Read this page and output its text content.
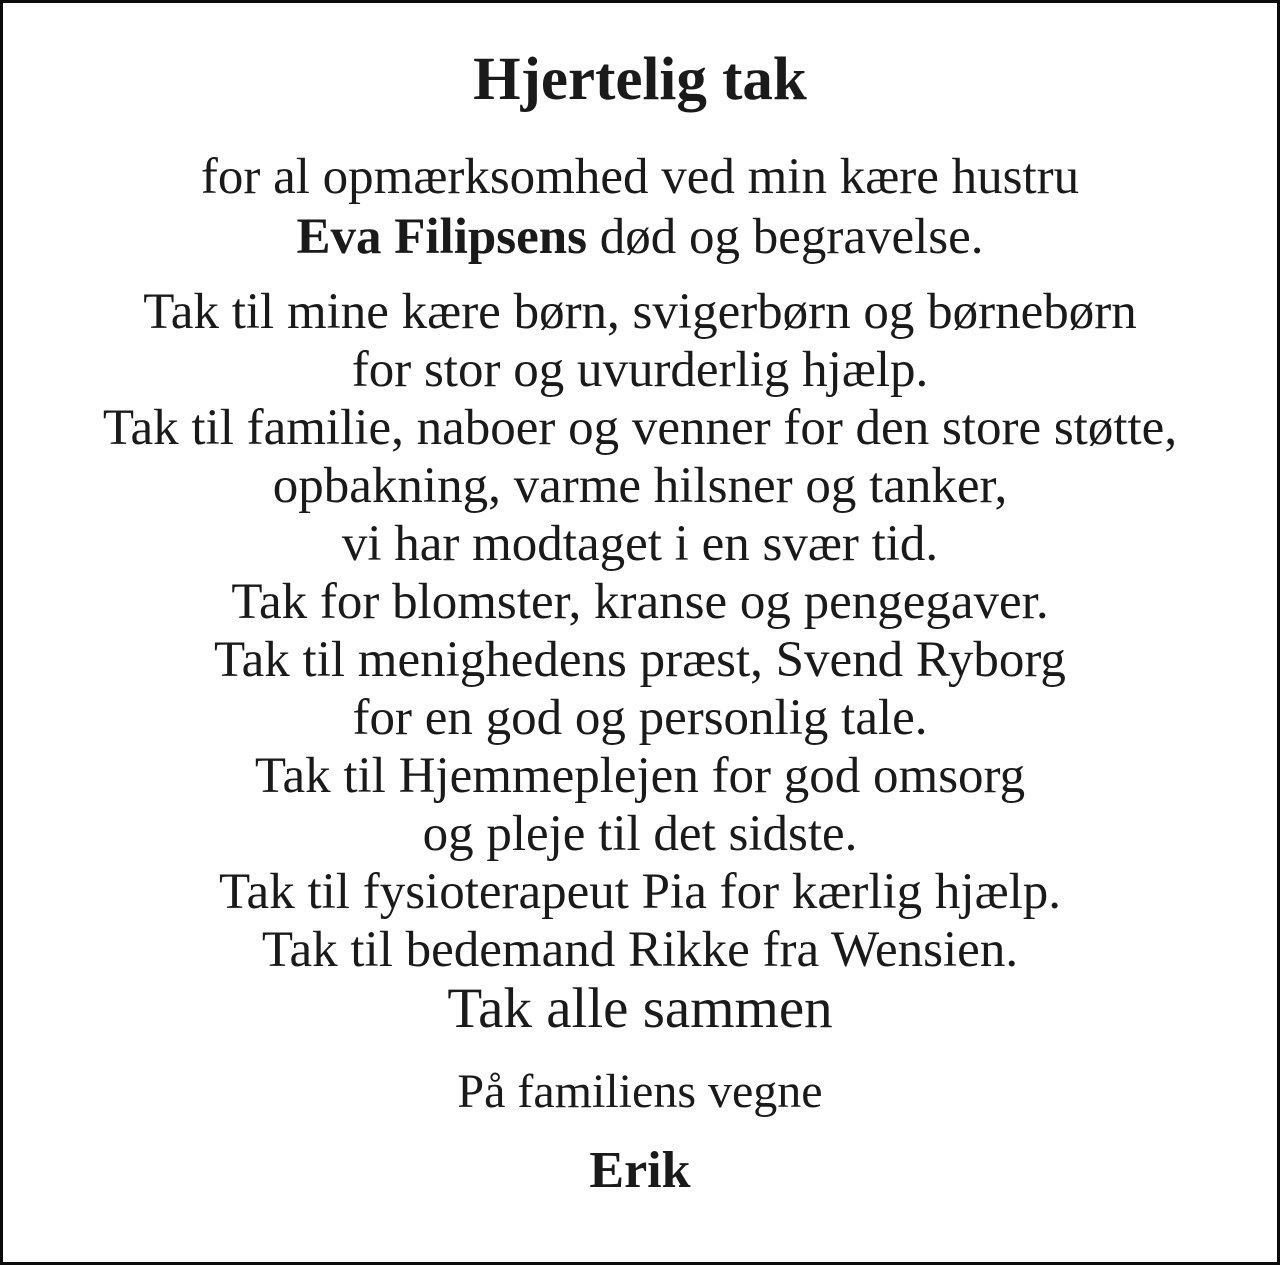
Hjertelig tak
for al opmærksomhed ved min kære hustru
Eva Filipsens død og begravelse.
Tak til mine kære børn, svigerbørn og børnebørn
for stor og uvurderlig hjælp.
Tak til familie, naboer og venner for den store støtte,
opbakning, varme hilsner og tanker,
vi har modtaget i en svær tid.
Tak for blomster, kranse og pengegaver.
Tak til menighedens præst, Svend Ryborg
for en god og personlig tale.
Tak til Hjemmeplejen for god omsorg
og pleje til det sidste.
Tak til fysioterapeut Pia for kærlig hjælp.
Tak til bedemand Rikke fra Wensien.
Tak alle sammen
På familiens vegne
Erik
